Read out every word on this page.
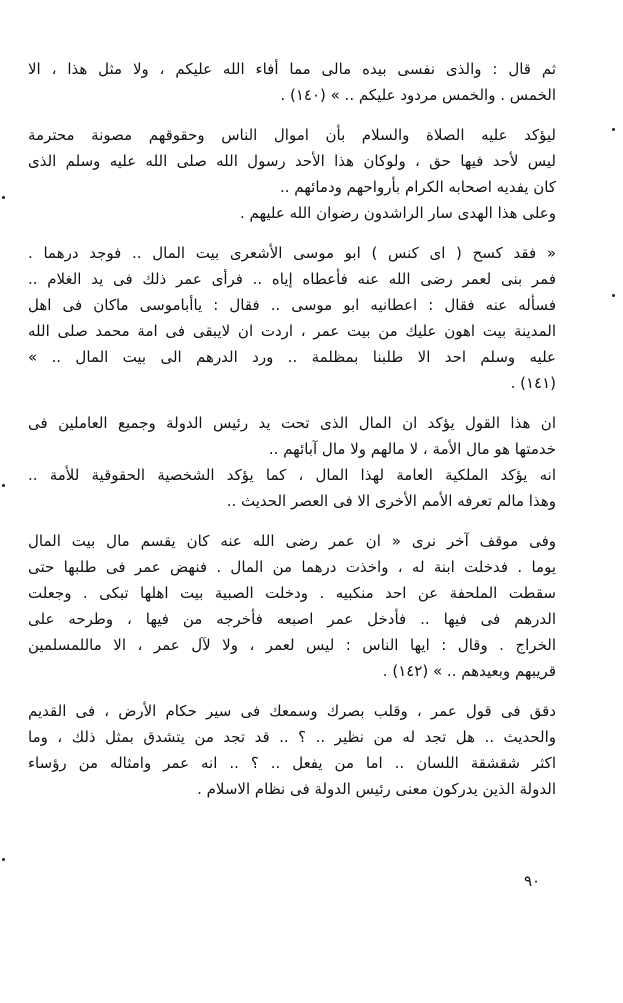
ثم قال : والذى نفسى بيده مالى مما أفاء الله عليكم ، ولا مثل هذا ، الا
الخمس . والخمس مردود عليكم .. » (١٤٠) .
ليؤكد عليه الصلاة والسلام بأن اموال الناس وحقوقهم مصونة محترمة
ليس لأحد فيها حق ، ولوكان هذا الأحد رسول الله صلى الله عليه وسلم الذى
كان يفديه اصحابه الكرام بأرواحهم ودمائهم ..
وعلى هذا الهدى سار الراشدون رضوان الله عليهم .
« فقد كسح ( اى كنس ) ابو موسى الأشعرى بيت المال .. فوجد درهما .
فمر بنى لعمر رضى الله عنه فأعطاه إياه .. فرأى عمر ذلك فى يد الغلام ..
فسأله عنه فقال : اعطانيه ابو موسى .. فقال : ياأباموسى ماكان فى اهل
المدينة بيت اهون عليك من بيت عمر ، اردت ان لايبقى فى امة محمد صلى الله
عليه وسلم احد الا طلبنا بمظلمة .. ورد الدرهم الى بيت المال .. »
(١٤١) .
ان هذا القول يؤكد ان المال الذى تحت يد رئيس الدولة وجميع العاملين فى
خدمتها هو مال الأمة ، لا مالهم ولا مال آبائهم ..
انه يؤكد الملكية العامة لهذا المال ، كما يؤكد الشخصية الحقوقية للأمة ..
وهذا مالم تعرفه الأمم الأخرى الا فى العصر الحديث ..
وفى موقف آخر نرى « ان عمر رضى الله عنه كان يقسم مال بيت المال
يوما . فدخلت ابنة له ، واخذت درهما من المال . فنهض عمر فى طلبها حتى
سقطت الملحفة عن احد منكبيه . ودخلت الصبية بيت اهلها تبكى . وجعلت
الدرهم فى فيها .. فأدخل عمر اصبعه فأخرجه من فيها ، وطرحه على
الخراج . وقال : ايها الناس : ليس لعمر ، ولا لآل عمر ، الا ماللمسلمين
قريبهم وبعيدهم .. » (١٤٢) .
دقق فى قول عمر ، وقلب بصرك وسمعك فى سير حكام الأرض ، فى القديم
والحديث .. هل تجد له من نظير .. ؟ .. قد تجد من يتشدق بمثل ذلك ، وما
اكثر شقشقة اللسان .. اما من يفعل .. ؟ .. انه عمر وامثاله من رؤساء
الدولة الذين يدركون معنى رئيس الدولة فى نظام الاسلام .
٩٠
